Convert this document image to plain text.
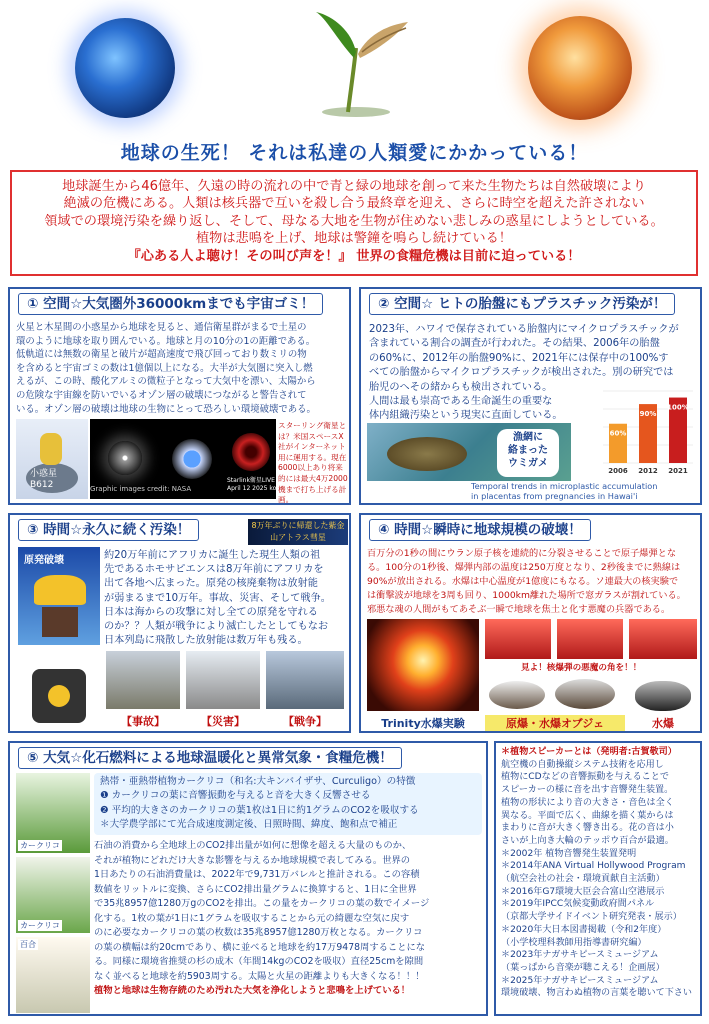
地球の生死！ それは私達の人類愛にかかっている！
地球誕生から46億年、久遠の時の流れの中で青と緑の地球を創って来た生物たちは自然破壊により
絶滅の危機にある。人類は核兵器で互いを殺し合う最終章を迎え、さらに時空を超えた許されない
領域での環境汚染を繰り返し、そして、母なる大地を生物が住めない悲しみの惑星にしようとしている。
植物は悲鳴を上げ、地球は警鐘を鳴らし続けている！
『心ある人よ聴け！その叫び声を！』 世界の食糧危機は目前に迫っている！
① 空間☆大気圏外36000kmまでも宇宙ゴミ！
火星と木星間の小惑星から地球を見ると、通信衛星群がまるで土星の
環のように地球を取り囲んでいる。地球と月の10分の1の距離である。
低軌道には無数の衛星と破片が超高速度で飛び回っており数ミリの物
を含めると宇宙ゴミの数は1億個以上になる。大半が大気圏に突入し燃
えるが、この時、酸化アルミの微粒子となって大気中を漂い、太陽から
の危険な宇宙線を防いでいるオゾン層の破壊につながると警告されて
いる。オゾン層の破壊は地球の生物にとって恐ろしい環境破壊である。
小惑星
B612	Graphic images credit: NASA
Starlink衛星LIVE
April 12 2025 koga
スターリング衛星とは？米国スペースX社がインターネット用に運用する。現在6000以上あり将来的には最大4万2000機まで打ち上げる計画。
② 空間☆ ヒトの胎盤にもプラスチック汚染が！
2023年、ハワイで保存されている胎盤内にマイクロプラスチックが
含まれている割合の調査が行われた。その結果、2006年の胎盤
の60%に、2012年の胎盤90%に、2021年には保存中の100%す
べての胎盤からマイクロプラスチックが検出された。別の研究では
胎児のへその緒からも検出されている。
人間は最も崇高である生命誕生の重要な
体内組織汚染という現実に直面している。
漁網に
絡まった
ウミガメ
Temporal trends in microplastic accumulation
in placentas from pregnancies in Hawai'i
60%
2006
90%
2012
100%
2021
③ 時間☆永久に続く汚染！	8万年ぶりに帰還した紫金山アトラス彗星
原発破壊	約20万年前にアフリカに誕生した現生人類の祖
先であるホモサピエンスは8万年前にアフリカを
出て各地へ広まった。原発の核廃棄物は放射能
が弱まるまで10万年。事故、災害、そして戦争。
日本は海からの攻撃に対し全ての原発を守れる
のか？？人類が戦争により滅亡したとしてもなお
日本列島に飛散した放射能は数万年も残る。
【事故】	【災害】	【戦争】
④ 時間☆瞬時に地球規模の破壊！
百万分の1秒の間にウラン原子核を連続的に分裂させることで原子爆弾とな
る。100分の1秒後、爆弾内部の温度は250万度となり、2秒後までに熱線は
90%が放出される。水爆は中心温度が1億度にもなる。ソ連最大の核実験で
は衝撃波が地球を3周も回り、1000km離れた場所で窓ガラスが割れている。
邪悪な魂の人間がもてあそぶ一瞬で地球を焦土と化す悪魔の兵器である。
見よ！核爆弾の悪魔の角を！！
Trinity水爆実験	原爆・水爆オブジェ	水爆
⑤ 大気☆化石燃料による地球温暖化と異常気象・食糧危機！
カークリコ
カークリコ
百合
熱帯・亜熱帯植物カークリコ（和名:大キンバイザサ、Curculigo）の特徴
❶ カークリコの葉に音響振動を与えると音を大きく反響させる
❷ 平均的大きさのカークリコの葉1枚は1日に約1グラムのCO2を吸収する
＊大学農学部にて光合成速度測定後、日照時間、緯度、飽和点で補正
石油の消費から全地球上のCO2排出量が如何に想像を超える大量のものか、
それが植物にどれだけ大きな影響を与えるか地球規模で表してみる。世界の
1日あたりの石油消費量は、2022年で9,731万バレルと推計される。この容積
数値をリットルに変換、さらにCO2排出量グラムに換算すると、1日に全世界
で35兆8957億1280万gのCO2を排出。この量をカークリコの葉の数でイメージ
化する。1枚の葉が1日に1グラムを吸収することから元の綺麗な空気に戻す
のに必要なカークリコの葉の枚数は35兆8957億1280万枚となる。カークリコ
の葉の横幅は約20cmであり、横に並べると地球を約17万9478周することにな
る。同様に環境省推奨の杉の成木（年間14kgのCO2を吸収）直径25cmを隙間
なく並べると地球を約5903周する。太陽と火星の距離よりも大きくなる！！！
植物と地球は生物存続のため汚れた大気を浄化しようと悲鳴を上げている！
＊植物スピーカーとは（発明者:古賀敬司）
航空機の自動操縦システム技術を応用し
植物にCDなどの音響振動を与えることで
スピーカーの様に音を出す音響発生装置。
植物の形状により音の大きさ・音色は全く
異なる。平面で広く、曲線を描く葉からは
まわりに音が大きく響き出る。花の音は小
さいが上向き大輪のテッポウ百合が最適。
＊2002年 植物音響発生装置発明
＊2014年ANA Virtual Hollywood Program
（航空会社の社会・環境貢献自主活動）
＊2016年G7環境大臣会合富山空港展示
＊2019年IPCC気候変動政府間パネル
（京都大学サイドイベント研究発表・展示）
＊2020年大日本図書掲載（令和2年度）
（小学校理科教師用指導書研究編）
＊2023年ナガサキピースミュージアム
（葉っぱから音楽が聴こえる！企画展）
＊2025年ナガサキピースミュージアム
環境破壊、物言わぬ植物の言葉を聴いて下さい
